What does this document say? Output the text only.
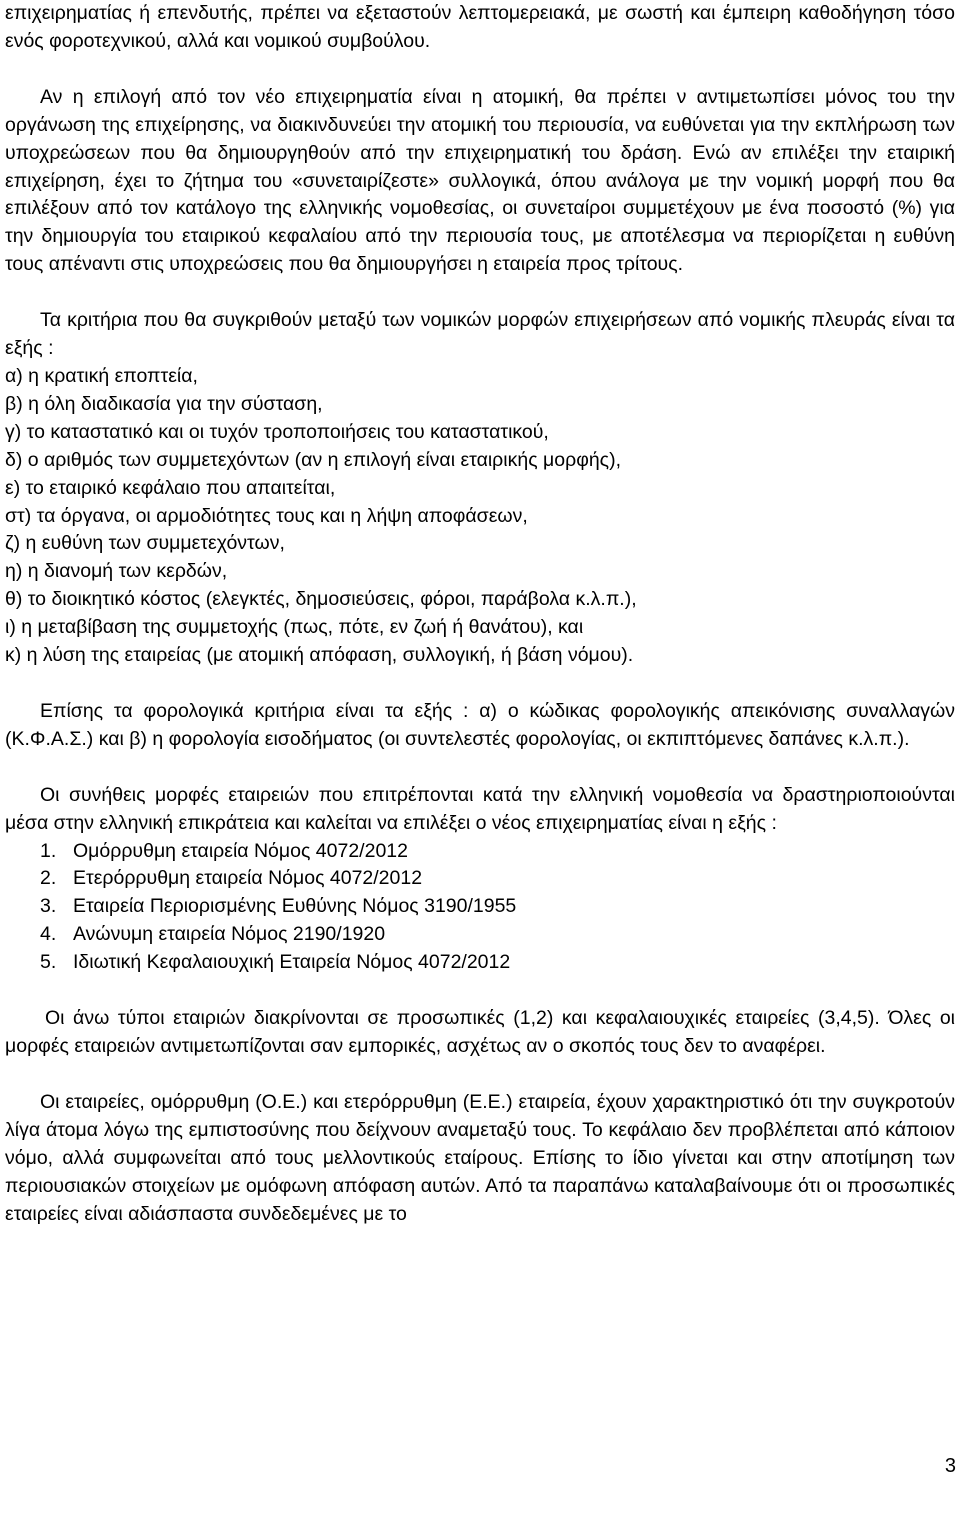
επιχειρηματίας ή επενδυτής, πρέπει να εξεταστούν λεπτομερειακά, με σωστή και έμπειρη καθοδήγηση τόσο ενός φοροτεχνικού, αλλά και νομικού συμβούλου.

Αν η επιλογή από τον νέο επιχειρηματία είναι η ατομική, θα πρέπει ν αντιμετωπίσει μόνος του την οργάνωση της επιχείρησης, να διακινδυνεύει την ατομική του περιουσία, να ευθύνεται για την εκπλήρωση των υποχρεώσεων που θα δημιουργηθούν από την επιχειρηματική του δράση. Ενώ αν επιλέξει την εταιρική επιχείρηση, έχει το ζήτημα του «συνεταιρίζεστε» συλλογικά, όπου ανάλογα με την νομική μορφή που θα επιλέξουν από τον κατάλογο της ελληνικής νομοθεσίας, οι συνεταίροι συμμετέχουν με ένα ποσοστό (%) για την δημιουργία του εταιρικού κεφαλαίου από την περιουσία τους, με αποτέλεσμα να περιορίζεται η ευθύνη τους απέναντι στις υποχρεώσεις που θα δημιουργήσει η εταιρεία προς τρίτους.

Τα κριτήρια που θα συγκριθούν μεταξύ των νομικών μορφών επιχειρήσεων από νομικής πλευράς είναι τα εξής :

α) η κρατική εποπτεία,
β) η όλη διαδικασία για την σύσταση,
γ) το καταστατικό και οι τυχόν τροποποιήσεις του καταστατικού,
δ) ο αριθμός των συμμετεχόντων (αν η επιλογή είναι εταιρικής μορφής),
ε) το εταιρικό κεφάλαιο που απαιτείται,
στ) τα όργανα, οι αρμοδιότητες τους και η λήψη αποφάσεων,
ζ) η ευθύνη των συμμετεχόντων,
η) η διανομή των κερδών,
θ) το διοικητικό κόστος (ελεγκτές, δημοσιεύσεις, φόροι, παράβολα κ.λ.π.),
ι) η μεταβίβαση της συμμετοχής (πως, πότε, εν ζωή ή θανάτου), και
κ) η λύση της εταιρείας (με ατομική απόφαση, συλλογική, ή βάση νόμου).

Επίσης τα φορολογικά κριτήρια είναι τα εξής : α) ο κώδικας φορολογικής απεικόνισης συναλλαγών (Κ.Φ.Α.Σ.) και β) η φορολογία εισοδήματος (οι συντελεστές φορολογίας, οι εκπιπτόμενες δαπάνες κ.λ.π.).

Οι συνήθεις μορφές εταιρειών που επιτρέπονται κατά την ελληνική νομοθεσία να δραστηριοποιούνται μέσα στην ελληνική επικράτεια και καλείται να επιλέξει ο νέος επιχειρηματίας είναι η εξής :

1. Ομόρρυθμη εταιρεία Νόμος 4072/2012
2. Ετερόρρυθμη εταιρεία Νόμος 4072/2012
3. Εταιρεία Περιορισμένης Ευθύνης Νόμος 3190/1955
4. Ανώνυμη εταιρεία Νόμος 2190/1920
5. Ιδιωτική Κεφαλαιουχική Εταιρεία Νόμος 4072/2012

Οι άνω τύποι εταιριών διακρίνονται σε προσωπικές (1,2) και κεφαλαιουχικές εταιρείες (3,4,5). Όλες οι μορφές εταιρειών αντιμετωπίζονται σαν εμπορικές, ασχέτως αν ο σκοπός τους δεν το αναφέρει.

Οι εταιρείες, ομόρρυθμη (Ο.Ε.) και ετερόρρυθμη (Ε.Ε.) εταιρεία, έχουν χαρακτηριστικό ότι την συγκροτούν λίγα άτομα λόγω της εμπιστοσύνης που δείχνουν αναμεταξύ τους. Το κεφάλαιο δεν προβλέπεται από κάποιον νόμο, αλλά συμφωνείται από τους μελλοντικούς εταίρους. Επίσης το ίδιο γίνεται και στην αποτίμηση των περιουσιακών στοιχείων με ομόφωνη απόφαση αυτών. Από τα παραπάνω καταλαβαίνουμε ότι οι προσωπικές εταιρείες είναι αδιάσπαστα συνδεδεμένες με το

3
